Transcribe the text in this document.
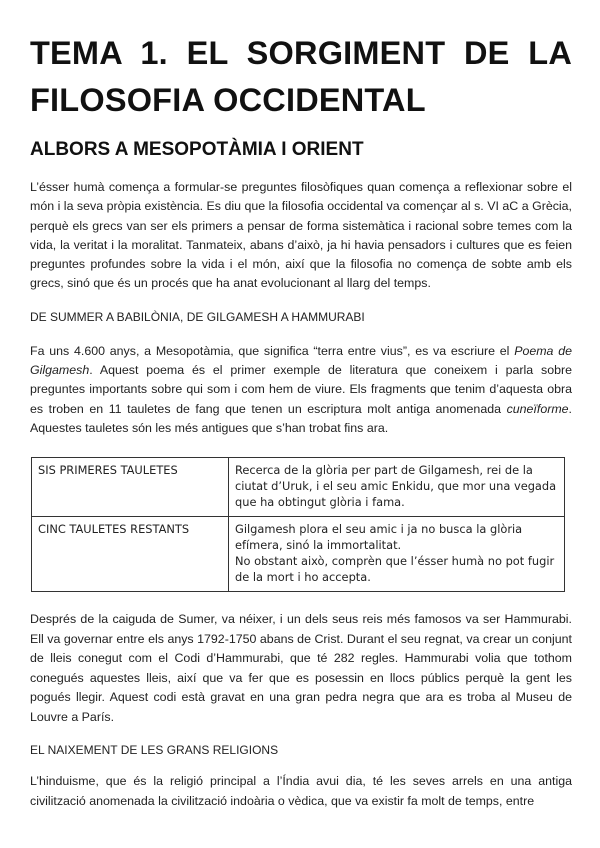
TEMA 1. EL SORGIMENT DE LA
FILOSOFIA OCCIDENTAL
ALBORS A MESOPOTÀMIA I ORIENT

L’ésser humà comença a formular-se preguntes filosòfiques quan comença a reflexionar sobre el món i la seva pròpia existència. Es diu que la filosofia occidental va començar al s. VI aC a Grècia, perquè els grecs van ser els primers a pensar de forma sistemàtica i racional sobre temes com la vida, la veritat i la moralitat. Tanmateix, abans d’això, ja hi havia pensadors i cultures que es feien preguntes profundes sobre la vida i el món, així que la filosofia no comença de sobte amb els grecs, sinó que és un procés que ha anat evolucionant al llarg del temps.

DE SUMMER A BABILÒNIA, DE GILGAMESH A HAMMURABI

Fa uns 4.600 anys, a Mesopotàmia, que significa “terra entre vius”, es va escriure el Poema de Gilgamesh. Aquest poema és el primer exemple de literatura que coneixem i parla sobre preguntes importants sobre qui som i com hem de viure. Els fragments que tenim d’aquesta obra es troben en 11 tauletes de fang que tenen un escriptura molt antiga anomenada cuneïforme. Aquestes tauletes són les més antigues que s’han trobat fins ara.

SIS PRIMERES TAULETES	Recerca de la glòria per part de Gilgamesh, rei de la ciutat d’Uruk, i el seu amic Enkidu, que mor una vegada que ha obtingut glòria i fama.

CINC TAULETES RESTANTS	Gilgamesh plora el seu amic i ja no busca la glòria efímera, sinó la immortalitat.
No obstant això, comprèn que l’ésser humà no pot fugir de la mort i ho accepta.

Després de la caiguda de Sumer, va néixer, i un dels seus reis més famosos va ser Hammurabi. Ell va governar entre els anys 1792-1750 abans de Crist. Durant el seu regnat, va crear un conjunt de lleis conegut com el Codi d’Hammurabi, que té 282 regles. Hammurabi volia que tothom conegués aquestes lleis, així que va fer que es posessin en llocs públics perquè la gent les pogués llegir. Aquest codi està gravat en una gran pedra negra que ara es troba al Museu de Louvre a París.

EL NAIXEMENT DE LES GRANS RELIGIONS

L’hinduisme, que és la religió principal a l’Índia avui dia, té les seves arrels en una antiga civilització anomenada la civilització indoària o vèdica, que va existir fa molt de temps, entre
